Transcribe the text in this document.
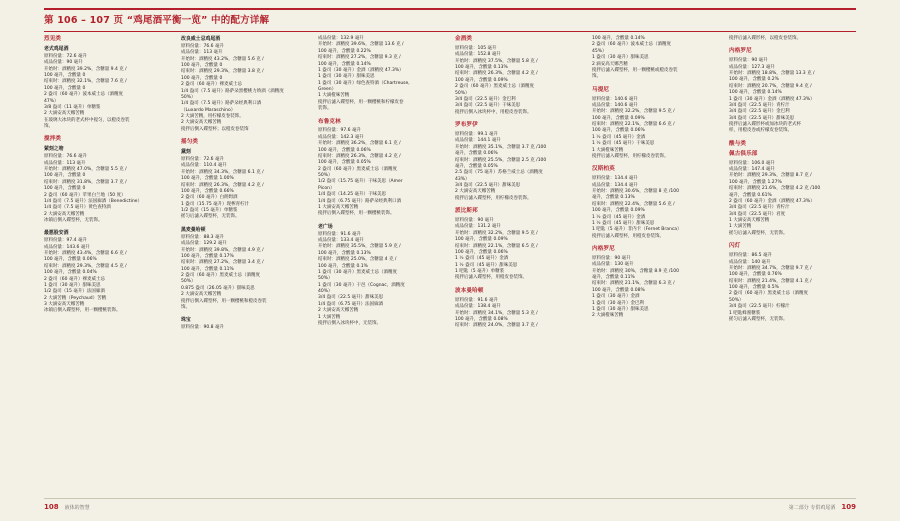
第 106 – 107 页 “鸡尾酒平衡一览” 中的配方详解
烈见类
老式鸡尾酒
原料份量：72.6 毫升
成品份量：90 毫升
开始时：酒精度 39.2%，含糖量 9.4 克 /
100 毫升，含酸量 0
结束时：酒精度 32.1%，含糖量 7.6 克 /
100 毫升，含酸量 0
2 盎司（60 毫升）波本威士忌（酒精度
47%）
3/8 盎司（11 毫升）单糖浆
2 大滴安高天娜苦精
在玻璃大冰块的老式杯中搅匀，以橙皮卷装
饰。
搅拌类
萦刻之吻
原料份量：76.6 毫升
成品份量：113 毫升
开始时：酒精度 47.0%，含糖量 5.5 克 /
100 毫升，含酸量 0
结束时：酒精度 31.8%，含糖量 3.7 克 /
100 毫升，含酸量 0
2 盎司（60 毫升）苹果白兰地（50 度）
1/4 盎司（7.5 毫升）法国廊酒（Benedictine）
1/4 盎司（7.5 毫升）黄色查特酒
2 大滴安高天娜苦精
冰镇后倒入碟型杯，无装饰。
最悪股安酒
原料份量：97.4 毫升
成品份量：143.6 毫升
开始时：酒精度 43.4%，含糖量 6.6 克 /
100 毫升，含酸量 0.06%
结束时：酒精度 29.3%，含糖量 4.5 克 /
100 毫升，含酸量 0.04%
2 盎司（60 毫升）裸麦威士忌
1 盎司（30 毫升）甜味美思
1/2 盎司（15 毫升）法国廊酒
2 大滴苦精（Peychaud）苦精
3 大滴安高天娜苦精
冰镇后倒入碟型杯，用一颗樱桃装饰。
改良威士忌鸡尾酒
原料份量：76.6 毫升
成品份量：113 毫升
开始时：酒精度 43.2%，含糖量 5.6 克 /
100 毫升，含酸量 0
结束时：酒精度 29.3%，含糖量 3.8 克 /
100 毫升，含酸量 0
2 盎司（60 毫升）裸麦威士忌
1/4 盎司（7.5 毫升）路萨朵黑樱桃力娇酒（酒精度
50%）
1/4 盎司（7.5 毫升）路萨朵经典利口酒
（Luxardo Maraschino）
2 大滴苦精，用柠檬皮卷装饰。
2 大滴安高天娜苦精
搅拌后倒入碟型杯；以橙皮卷装饰
摇匀类
黛刻
原料份量：72.6 毫升
成品份量：110.4 毫升
开始时：酒精度 34.3%，含糖量 6.1 克 /
100 毫升，含酸量 1.00%
结束时：酒精度 26.3%，含糖量 4.2 克 /
100 毫升，含酸量 0.66%
2 盎司（60 毫升）白朗姆酒
1 盎司（15.75 毫升）现榨青柠汁
1/2 盎司（15 毫升）单糖浆
摇匀后滤入碟型杯，无装饰。
黑麦曼哈顿
原料份量：88.3 毫升
成品份量：129.2 毫升
开始时：酒精度 39.8%，含糖量 4.9 克 /
100 毫升，含酸量 0.17%
结束时：酒精度 27.2%，含糖量 3.4 克 /
100 毫升，含酸量 0.11%
2 盎司（60 毫升）黑麦威士忌（酒精度
50%）
0.875 盎司（26.05 毫升）甜味美思
2 大滴安高天娜苦精
搅拌后倒入碟型杯，用一颗樱桃和橙皮卷装
饰。
珠宝
原料份量：90.8 毫升
成品份量：132.9 毫升
开始时：酒精度 39.6%，含糖量 13.6 克 /
100 毫升，含酸量 0.22%
结束时：酒精度 27.2%，含糖量 9.3 克 /
100 毫升，含酸量 0.14%
1 盎司（30 毫升）金酒（酒精度 47.3%）
1 盎司（30 毫升）甜味美思
1 盎司（30 毫升）绿色查特酒（Chartreuse,
Green）
1 大滴橙味苦精
搅拌后滤入碟型杯，用一颗樱桃和柠檬皮卷
装饰。
布鲁克林
原料份量：97.6 毫升
成品份量：142.3 毫升
开始时：酒精度 36.2%，含糖量 6.1 克 /
100 毫升，含酸量 0.06%
结束时：酒精度 26.3%，含糖量 4.2 克 /
100 毫升，含酸量 0.05%
2 盎司（60 毫升）黑麦威士忌（酒精度
50%）
1/2 盎司（15.75 毫升）干味美思（Amer
Picon）
1/4 盎司（14.25 毫升）干味美思
1/4 盎司（6.75 毫升）路萨朵经典利口酒
1 大滴安高天娜苦精
搅拌后倒入碟型杯，用一颗樱桃装饰。
老广场
原料份量：91.6 毫升
成品份量：133.4 毫升
开始时：酒精度 35.5%，含糖量 5.9 克 /
100 毫升，含酸量 0.13%
结束时：酒精度 25.0%，含糖量 4 克 /
100 毫升，含酸量 0.1%
1 盎司（30 毫升）黑麦威士忌（酒精度
50%）
1 盎司（30 毫升）干邑（Cognac，酒精度
40%）
3/4 盎司（22.5 毫升）甜味美思
1/4 盎司（6.75 毫升）法国廊酒
2 大滴安高天娜苦精
1 大滴苦精
搅拌后倒入冰块杯中，无装饰。
金酒类
原料份量：105 毫升
成品份量：152.8 毫升
开始时：酒精度 37.5%，含糖量 5.8 克 /
100 毫升，含酸量 0.13%
结束时：酒精度 26.3%，含糖量 4.2 克 /
100 毫升，含酸量 0.09%
2 盎司（60 毫升）黑麦威士忌（酒精度
50%）
3/4 盎司（22.5 毫升）金巴利
3/4 盎司（22.5 毫升）干味美思
搅拌后倒入冰块杯中，用橙皮卷装饰。
罗布罗伊
原料份量：99.1 毫升
成品份量：144.1 毫升
开始时：酒精度 35.1%，含糖量 3.7 克 /100
毫升，含酸量 0.06%
结束时：酒精度 25.5%，含糖量 2.5 克 /100
毫升，含酸量 0.05%
2.5 盎司（75 毫升）苏格兰威士忌（酒精度
43%）
3/4 盎司（22.5 毫升）甜味美思
2 大滴安高天娜苦精
搅拌后滤入碟型杯，用柠檬皮卷装饰。
派比斯邦
原料份量：90 毫升
成品份量：131.2 毫升
开始时：酒精度 32.2%，含糖量 9.5 克 /
100 毫升，含酸量 0.09%
结束时：酒精度 22.1%，含糖量 6.5 克 /
100 毫升，含酸量 0.06%
1 ½ 盎司（45 毫升）金酒
1 ½ 盎司（45 毫升）甜味美思
1 吧匙（5 毫升）单糖浆
搅拌后滤入碟型杯，用橙皮卷装饰。
波本曼哈顿
原料份量：91.6 毫升
成品份量：138.4 毫升
开始时：酒精度 34.1%，含糖量 5.3 克 /
100 毫升，含酸量 0.08%
结束时：酒精度 24.0%，含糖量 3.7 克 /
100 毫升，含酸量 0.14%
2 盎司（60 毫升）波本威士忌（酒精度
45%）
1 盎司（30 毫升）甜味美思
2 滴安高天娜苦精
搅拌后滤入碟型杯，用一颗樱桃或橙皮卷装
饰。
马提尼
原料份量：140.6 毫升
成品份量：140.6 毫升
开始时：酒精度 32.2%，含糖量 9.5 克 /
100 毫升，含酸量 0.09%
结束时：酒精度 22.1%，含糖量 6.6 克 /
100 毫升，含酸量 0.06%
1 ½ 盎司（45 毫升）金酒
1 ½ 盎司（45 毫升）干味美思
1 大滴橙味苦精
搅拌后滤入碟型杯，用柠檬皮卷装饰。
汉斯柏英
原料份量：134.4 毫升
成品份量：134.4 毫升
开始时：酒精度 30.6%，含糖量 8 克 /100
毫升，含酸量 0.13%
结束时：酒精度 22.4%，含糖量 5.6 克 /
100 毫升，含酸量 0.09%
1 ½ 盎司（45 毫升）金酒
1 ½ 盎司（45 毫升）甜味美思
1 吧匙（5 毫升）非内卡（Fernet Branca）
搅拌后滤入碟型杯，用橙皮卷装饰。
内格罗尼
原料份量：90 毫升
成品份量：130 毫升
开始时：酒精度 30%，含糖量 8.9 克 /100
毫升，含酸量 0.11%
结束时：酒精度 21.1%，含糖量 6.3 克 /
100 毫升，含酸量 0.08%
1 盎司（30 毫升）金酒
1 盎司（30 毫升）金巴利
1 盎司（30 毫升）甜味美思
2 大滴橙味苦精
搅拌后滤入碟形杯，以橙皮卷装饰。
内格罗尼
原料份量：90 毫升
成品份量：127.3 毫升
开始时：酒精度 18.8%，含糖量 13.3 克 /
100 毫升，含酸量 0.2%
结束时：酒精度 20.7%，含糖量 9.4 克 /
100 毫升，含酸量 0.14%
1 盎司（30 毫升）金酒（酒精度 47.3%）
3/4 盎司（22.5 毫升）青柠汁
3/4 盎司（22.5 毫升）金巴利
3/4 盎司（22.5 毫升）甜味美思
搅拌后滤入碟形杯或加冰块的老式杯
样，用橙皮卷或柠檬皮卷装饰。
酸与类
佩古俱乐部
原料份量：106.0 毫升
成品份量：147.4 毫升
开始时：酒精度 29.3%，含糖量 8.7 克 /
100 毫升，含酸量 1.27%
结束时：酒精度 21.6%，含糖量 4.2 克 /100
毫升，含酸量 0.61%
2 盎司（60 毫升）金酒（酒精度 47.3%）
3/4 盎司（22.5 毫升）青柠汁
3/4 盎司（22.5 毫升）君度
1 大滴安高天娜苦精
1 大滴苦精
摇匀后滤入碟型杯，无装饰。
闪灯
原料份量：86.5 毫升
成品份量：140 毫升
开始时：酒精度 34.7%，含糖量 9.7 克 /
100 毫升，含酸量 0.76%
结束时：酒精度 21.4%，含糖量 4.1 克 /
100 毫升，含酸量 0.5%
2 盎司（60 毫升）黑麦威士忌（酒精度
50%）
3/4 盎司（22.5 毫升）柠檬汁
1 吧匙蜂蜜糖浆
摇匀后滤入碟型杯，无装饰。
108 液体的智慧	第二部分 专供鸡尾酒 109
